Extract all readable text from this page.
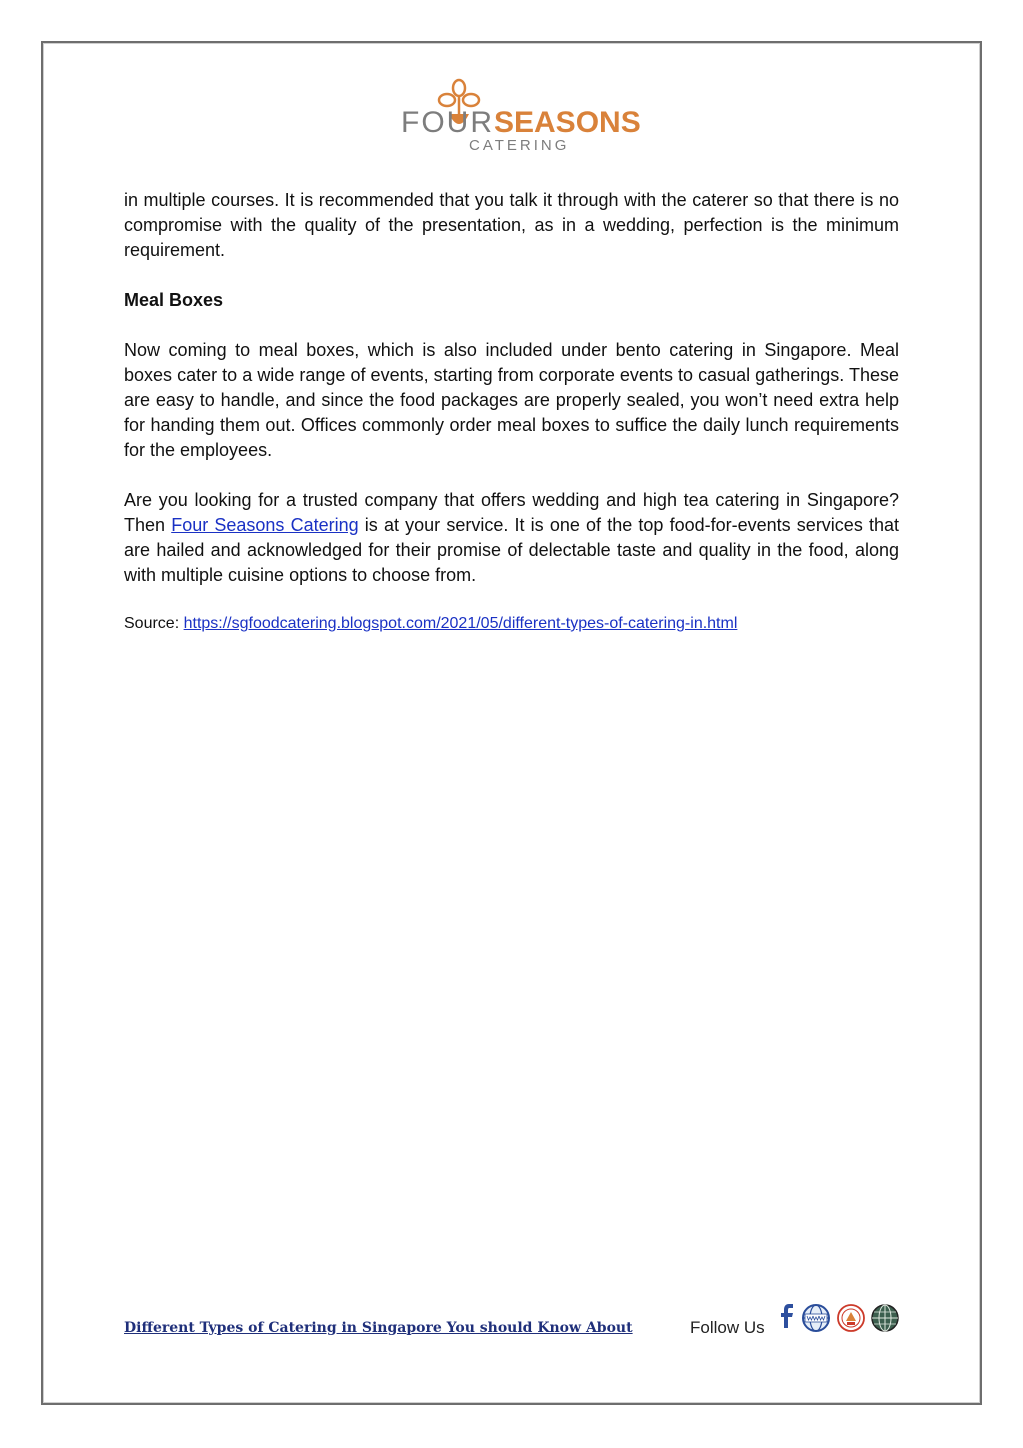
FOURSEASONS
CATERING

in multiple courses. It is recommended that you talk it through with the caterer so that there is no compromise with the quality of the presentation, as in a wedding, perfection is the minimum requirement.

Meal Boxes

Now coming to meal boxes, which is also included under bento catering in Singapore. Meal boxes cater to a wide range of events, starting from corporate events to casual gatherings. These are easy to handle, and since the food packages are properly sealed, you won’t need extra help for handing them out. Offices commonly order meal boxes to suffice the daily lunch requirements for the employees.

Are you looking for a trusted company that offers wedding and high tea catering in Singapore? Then Four Seasons Catering is at your service. It is one of the top food-for-events services that are hailed and acknowledged for their promise of delectable taste and quality in the food, along with multiple cuisine options to choose from.

Source: https://sgfoodcatering.blogspot.com/2021/05/different-types-of-catering-in.html

Different Types of Catering in Singapore You should Know About	Follow Us
